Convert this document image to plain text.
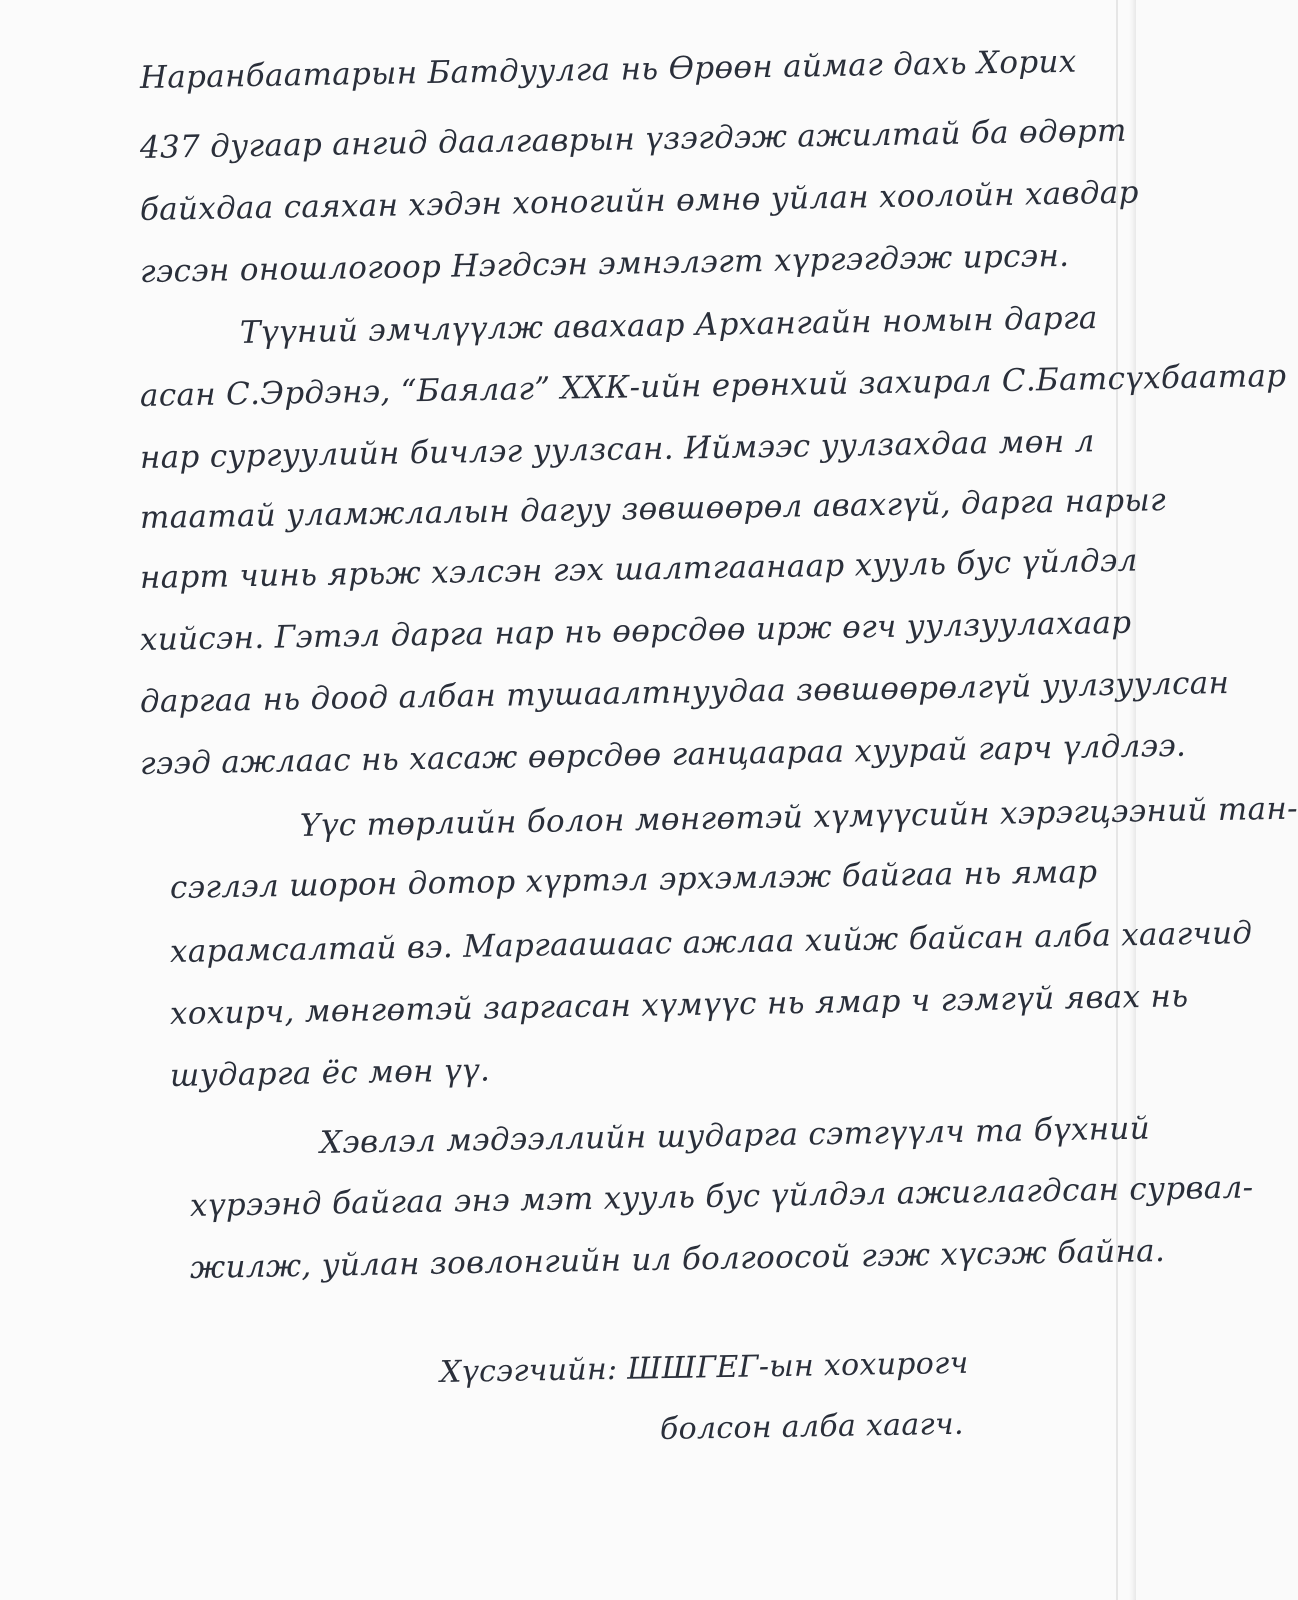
Наранбаатарын Батдуулга нь Өрөөн аймаг дахь Хорих
437 дугаар ангид даалгаврын үзэгдэж ажилтай ба өдөрт
байхдаа саяхан хэдэн хоногийн өмнө уйлан хоолойн хавдар
гэсэн оношлогоор Нэгдсэн эмнэлэгт хүргэгдэж ирсэн.
Түүний эмчлүүлж авахаар Архангайн номын дарга
асан С.Эрдэнэ, “Баялаг” ХХК-ийн ерөнхий захирал С.Батсүхбаатар
нар сургуулийн бичлэг уулзсан. Иймээс уулзахдаа мөн л
таатай уламжлалын дагуу зөвшөөрөл авахгүй, дарга нарыг
нарт чинь ярьж хэлсэн гэх шалтгаанаар хууль бус үйлдэл
хийсэн. Гэтэл дарга нар нь өөрсдөө ирж өгч уулзуулахаар
даргаа нь доод албан тушаалтнуудаа зөвшөөрөлгүй уулзуулсан
гээд ажлаас нь хасаж өөрсдөө ганцаараа хуурай гарч үлдлээ.
Үүс төрлийн болон мөнгөтэй хүмүүсийн хэрэгцээний тан-
сэглэл шорон дотор хүртэл эрхэмлэж байгаа нь ямар
харамсалтай вэ. Маргаашаас ажлаа хийж байсан алба хаагчид
хохирч, мөнгөтэй заргасан хүмүүс нь ямар ч гэмгүй явах нь
шударга ёс мөн үү.
Хэвлэл мэдээллийн шударга сэтгүүлч та бүхний
хүрээнд байгаа энэ мэт хууль бус үйлдэл ажиглагдсан сурвал-
жилж, уйлан зовлонгийн ил болгоосой гэж хүсэж байна.
Хүсэгчийн: ШШГЕГ-ын хохирогч
болсон алба хаагч.
